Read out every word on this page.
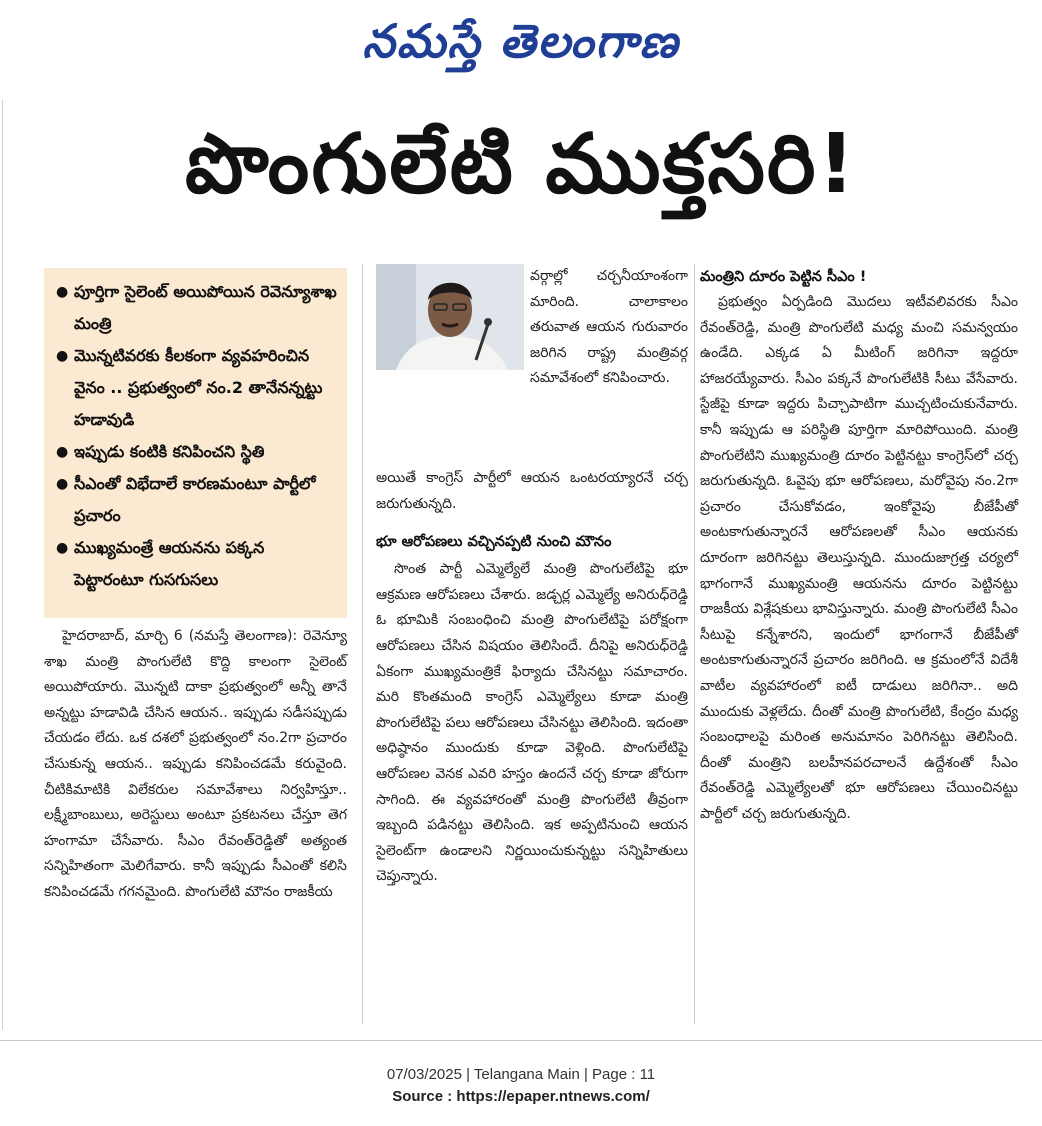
నమస్తే తెలంగాణ
పొంగులేటి ముక్తసరి!
● పూర్తిగా సైలెంట్ అయిపోయిన రెవెన్యూశాఖ మంత్రి
● మొన్నటివరకు కీలకంగా వ్యవహరించిన వైనం .. ప్రభుత్వంలో నం.2 తానేనన్నట్టు హడావుడి
● ఇప్పుడు కంటికి కనిపించని స్థితి
● సీఎంతో విభేదాలే కారణమంటూ పార్టీలో ప్రచారం
● ముఖ్యమంత్రే ఆయనను పక్కన పెట్టారంటూ గుసగుసలు

హైదరాబాద్, మార్చి 6 (నమస్తే తెలంగాణ): రెవెన్యూ శాఖ మంత్రి పొంగులేటి కొద్ది కాలంగా సైలెంట్ అయిపోయారు. మొన్నటి దాకా ప్రభుత్వంలో అన్నీ తానే అన్నట్టు హడావిడి చేసిన ఆయన.. ఇప్పుడు సడీసప్పుడు చేయడం లేదు. ఒక దశలో ప్రభుత్వంలో నం.2గా ప్రచారం చేసుకున్న ఆయన.. ఇప్పుడు కనిపించడమే కరువైంది. చీటికిమాటికి విలేకరుల సమావేశాలు నిర్వహిస్తూ.. లక్ష్మీబాంబులు, అరెస్టులు అంటూ ప్రకటనలు చేస్తూ తెగ హంగామా చేసేవారు. సీఎం రేవంత్‌రెడ్డితో అత్యంత సన్నిహితంగా మెలిగేవారు. కానీ ఇప్పుడు సీఎంతో కలిసి కనిపించడమే గగనమైంది. పొంగులేటి మౌనం రాజకీయ

వర్గాల్లో చర్చనీయాంశంగా మారింది. చాలాకాలం తరువాత ఆయన గురువారం జరిగిన రాష్ట్ర మంత్రివర్గ సమావేశంలో కనిపించారు.

అయితే కాంగ్రెస్ పార్టీలో ఆయన ఒంటరయ్యారనే చర్చ జరుగుతున్నది.

భూ ఆరోపణలు వచ్చినప్పటి నుంచి మౌనం

సొంత పార్టీ ఎమ్మెల్యేలే మంత్రి పొంగులేటిపై భూ ఆక్రమణ ఆరోపణలు చేశారు. జడ్చర్ల ఎమ్మెల్యే అనిరుధ్‌రెడ్డి ఓ భూమికి సంబంధించి మంత్రి పొంగులేటిపై పరోక్షంగా ఆరోపణలు చేసిన విషయం తెలిసిందే. దీనిపై అనిరుధ్‌రెడ్డి ఏకంగా ముఖ్యమంత్రికే ఫిర్యాదు చేసినట్టు సమాచారం. మరి కొంతమంది కాంగ్రెస్ ఎమ్మెల్యేలు కూడా మంత్రి పొంగులేటిపై పలు ఆరోపణలు చేసినట్టు తెలిసింది. ఇదంతా అధిష్ఠానం ముందుకు కూడా వెళ్లింది. పొంగులేటిపై ఆరోపణల వెనక ఎవరి హస్తం ఉందనే చర్చ కూడా జోరుగా సాగింది. ఈ వ్యవహారంతో మంత్రి పొంగులేటి తీవ్రంగా ఇబ్బంది పడినట్టు తెలిసింది. ఇక అప్పటినుంచి ఆయన సైలెంట్‌గా ఉండాలని నిర్ణయించుకున్నట్టు సన్నిహితులు చెప్తున్నారు.

మంత్రిని దూరం పెట్టిన సీఎం !

ప్రభుత్వం ఏర్పడింది మొదలు ఇటీవలివరకు సీఎం రేవంత్‌రెడ్డి, మంత్రి పొంగులేటి మధ్య మంచి సమన్వయం ఉండేది. ఎక్కడ ఏ మీటింగ్ జరిగినా ఇద్దరూ హాజరయ్యేవారు. సీఎం పక్కనే పొంగులేటికి సీటు వేసేవారు. స్టేజీపై కూడా ఇద్దరు పిచ్చాపాటిగా ముచ్చటించుకునేవారు. కానీ ఇప్పుడు ఆ పరిస్థితి పూర్తిగా మారిపోయింది. మంత్రి పొంగులేటిని ముఖ్యమంత్రి దూరం పెట్టినట్టు కాంగ్రెస్‌లో చర్చ జరుగుతున్నది. ఓవైపు భూ ఆరోపణలు, మరోవైపు నం.2గా ప్రచారం చేసుకోవడం, ఇంకోవైపు బీజేపీతో అంటకాగుతున్నారనే ఆరోపణలతో సీఎం ఆయనకు దూరంగా జరిగినట్టు తెలుస్తున్నది. ముందుజాగ్రత్త చర్యలో భాగంగానే ముఖ్యమంత్రి ఆయనను దూరం పెట్టినట్టు రాజకీయ విశ్లేషకులు భావిస్తున్నారు. మంత్రి పొంగులేటి సీఎం సీటుపై కన్నేశారని, ఇందులో భాగంగానే బీజేపీతో అంటకాగుతున్నారనే ప్రచారం జరిగింది. ఆ క్రమంలోనే విదేశీ వాటీల వ్యవహారంలో ఐటీ దాడులు జరిగినా.. అది ముందుకు వెళ్లలేదు. దీంతో మంత్రి పొంగులేటి, కేంద్రం మధ్య సంబంధాలపై మరింత అనుమానం పెరిగినట్టు తెలిసింది. దీంతో మంత్రిని బలహీనపరచాలనే ఉద్దేశంతో సీఎం రేవంత్‌రెడ్డి ఎమ్మెల్యేలతో భూ ఆరోపణలు చేయించినట్టు పార్టీలో చర్చ జరుగుతున్నది.

07/03/2025 | Telangana Main | Page : 11
Source : https://epaper.ntnews.com/
